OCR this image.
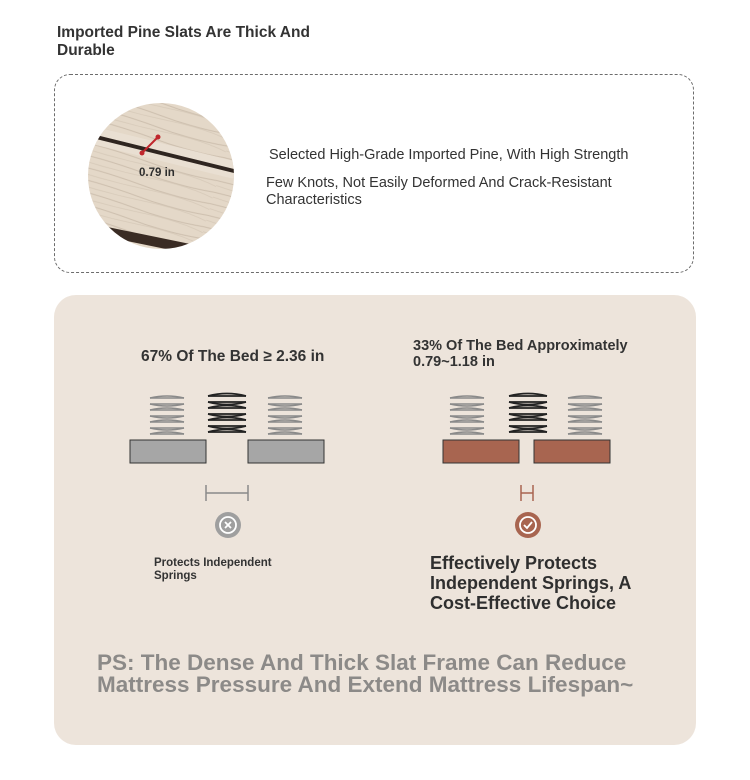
Imported Pine Slats Are Thick And Durable
0.79 in
Selected High-Grade Imported Pine, With High Strength
Few Knots, Not Easily Deformed And Crack-Resistant Characteristics
67% Of The Bed ≥ 2.36 in
33% Of The Bed Approximately 0.79~1.18 in
Protects Independent Springs
Effectively Protects Independent Springs, A Cost-Effective Choice
PS: The Dense And Thick Slat Frame Can Reduce Mattress Pressure And Extend Mattress Lifespan~
